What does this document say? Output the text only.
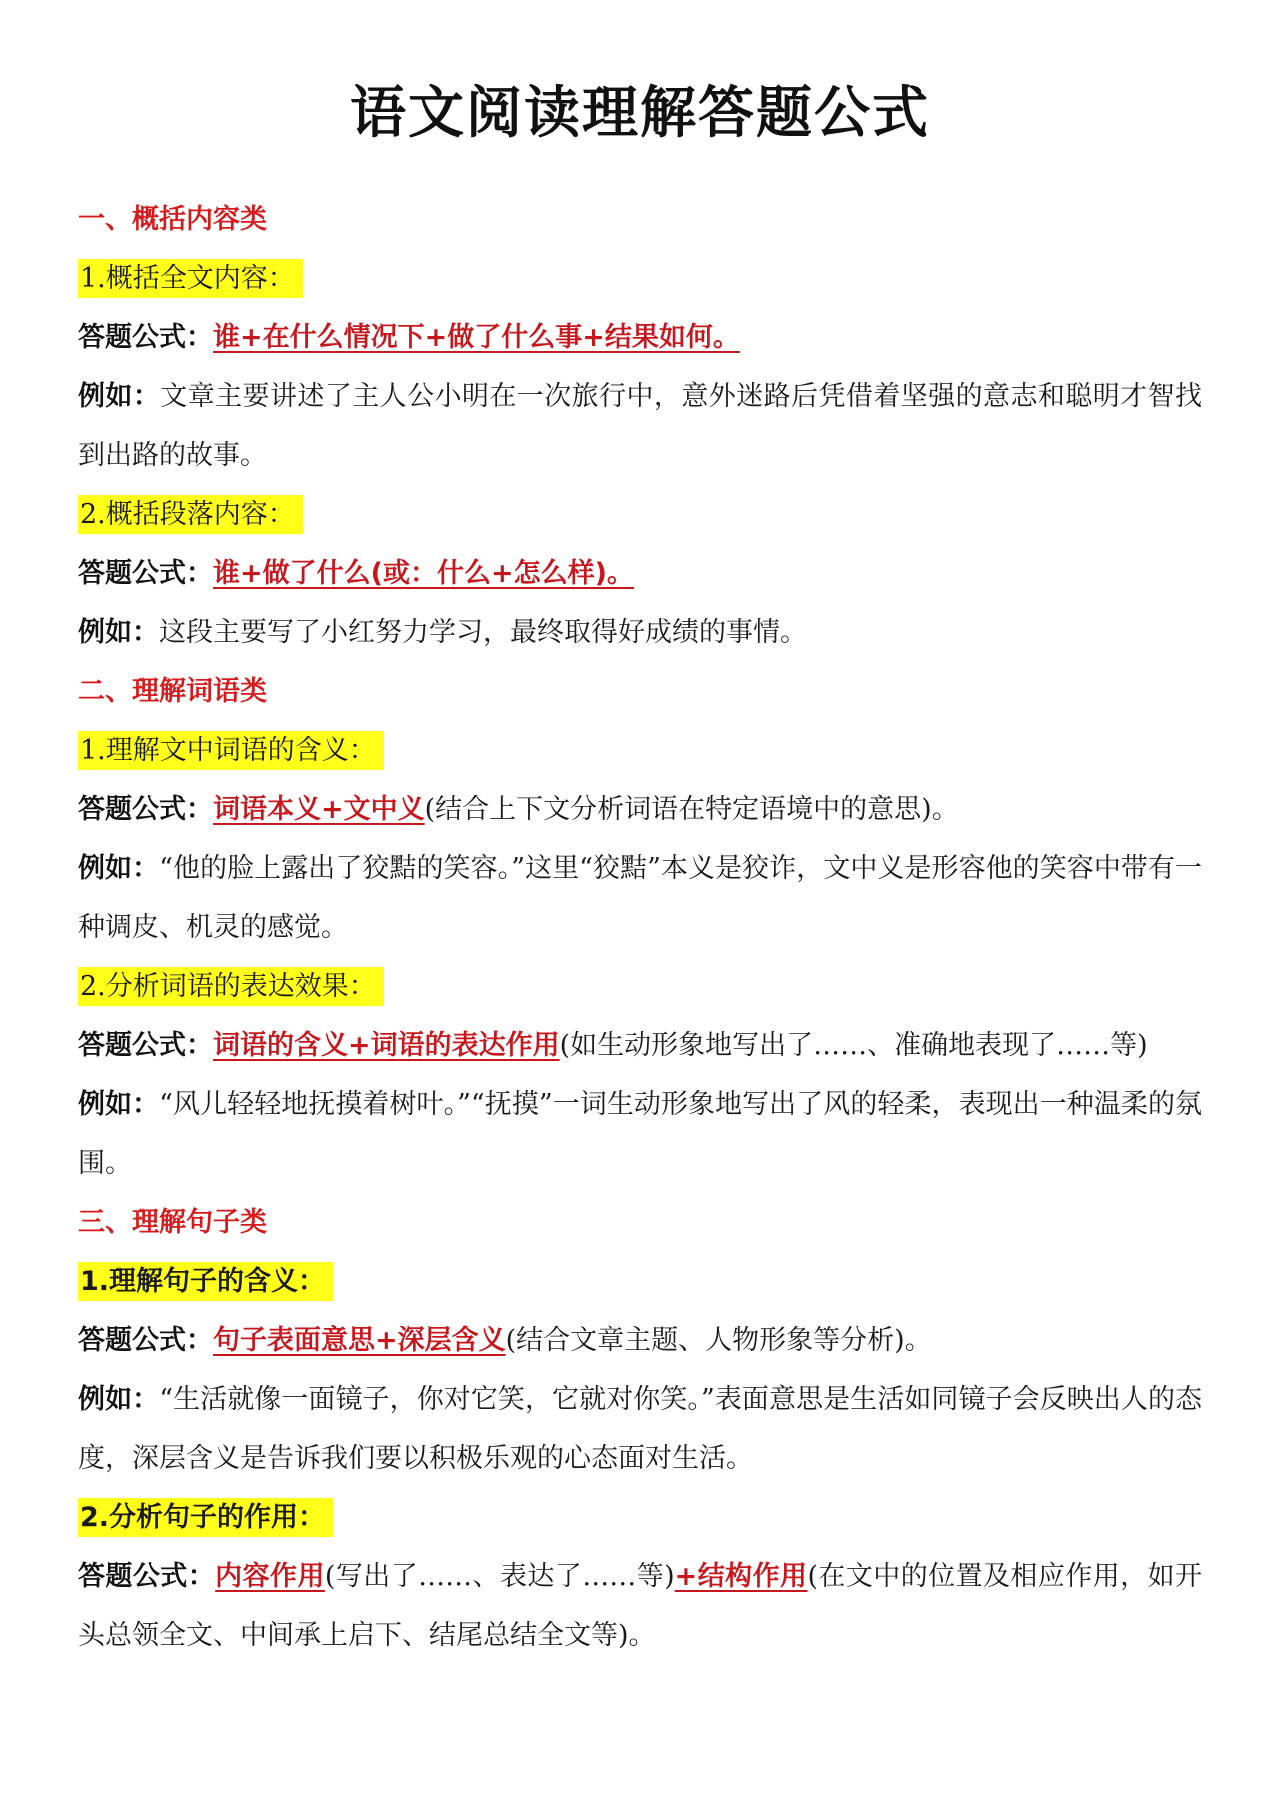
语文阅读理解答题公式
一、概括内容类
1.概括全文内容：
答题公式：谁+在什么情况下+做了什么事+结果如何。
例如：文章主要讲述了主人公小明在一次旅行中，意外迷路后凭借着坚强的意志和聪明才智找到出路的故事。
2.概括段落内容：
答题公式：谁+做了什么(或：什么+怎么样)。
例如：这段主要写了小红努力学习，最终取得好成绩的事情。
二、理解词语类
1.理解文中词语的含义：
答题公式：词语本义+文中义(结合上下文分析词语在特定语境中的意思)。
例如：“他的脸上露出了狡黠的笑容。”这里“狡黠”本义是狡诈，文中义是形容他的笑容中带有一种调皮、机灵的感觉。
2.分析词语的表达效果：
答题公式：词语的含义+词语的表达作用(如生动形象地写出了……、准确地表现了……等)
例如：“风儿轻轻地抚摸着树叶。”“抚摸”一词生动形象地写出了风的轻柔，表现出一种温柔的氛围。
三、理解句子类
1.理解句子的含义：
答题公式：句子表面意思+深层含义(结合文章主题、人物形象等分析)。
例如：“生活就像一面镜子，你对它笑，它就对你笑。”表面意思是生活如同镜子会反映出人的态度，深层含义是告诉我们要以积极乐观的心态面对生活。
2.分析句子的作用：
答题公式：内容作用(写出了……、表达了……等)+结构作用(在文中的位置及相应作用，如开头总领全文、中间承上启下、结尾总结全文等)。
